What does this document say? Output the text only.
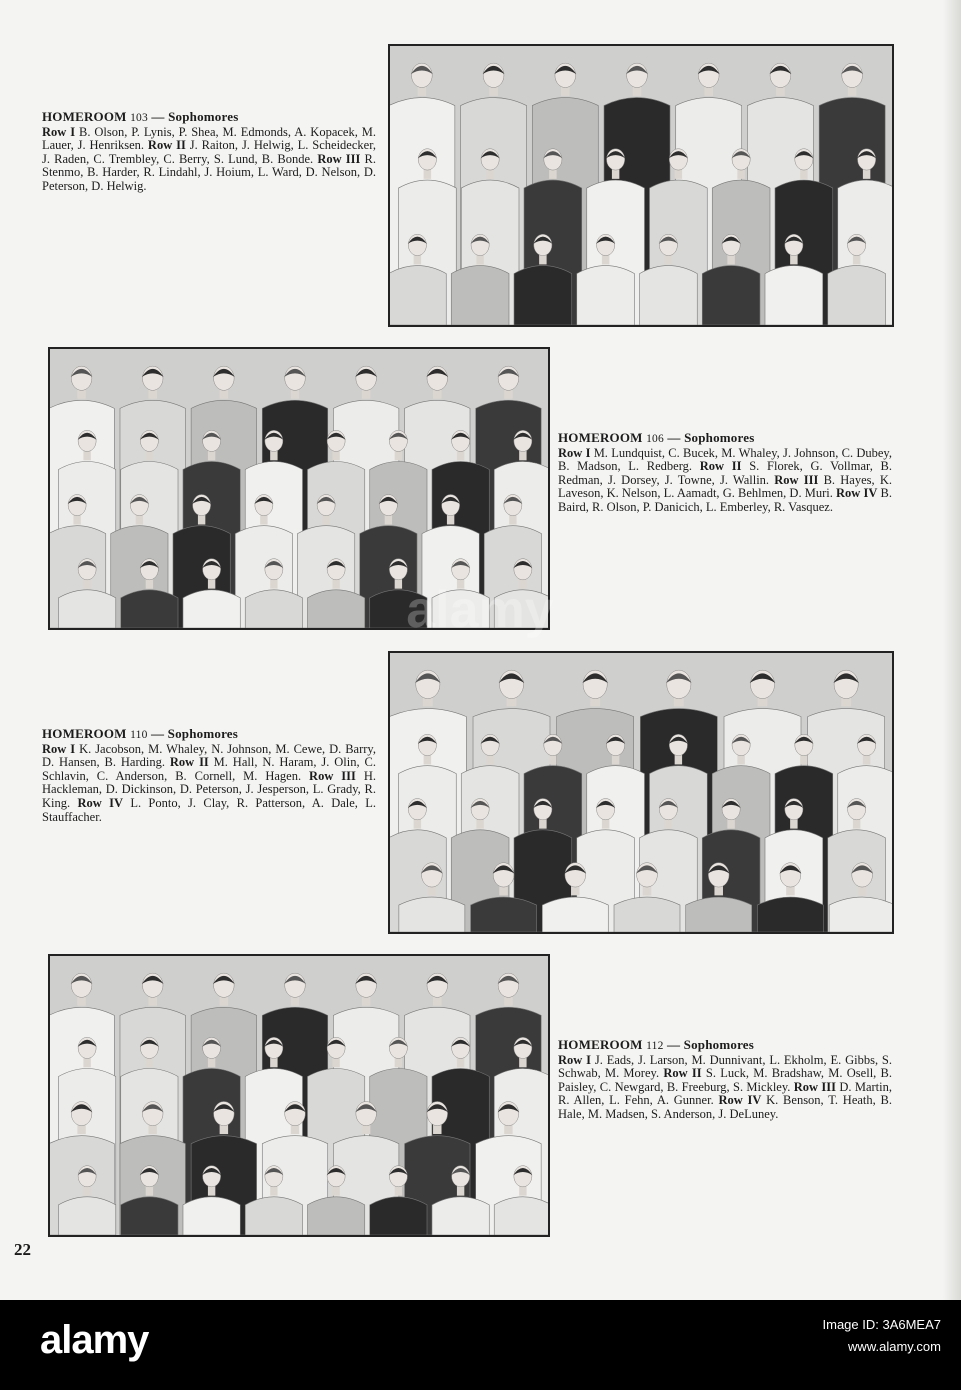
HOMEROOM 103 — Sophomores
Row I B. Olson, P. Lynis, P. Shea, M. Edmonds, A. Kopacek, M. Lauer, J. Henriksen. Row II J. Raiton, J. Helwig, L. Scheidecker, J. Raden, C. Trembley, C. Berry, S. Lund, B. Bonde. Row III R. Stenmo, B. Harder, R. Lindahl, J. Hoium, L. Ward, D. Nelson, D. Peterson, D. Helwig.
HOMEROOM 106 — Sophomores
Row I M. Lundquist, C. Bucek, M. Whaley, J. Johnson, C. Dubey, B. Madson, L. Redberg. Row II S. Florek, G. Vollmar, B. Redman, J. Dorsey, J. Towne, J. Wallin. Row III B. Hayes, K. Laveson, K. Nelson, L. Aamadt, G. Behlmen, D. Muri. Row IV B. Baird, R. Olson, P. Danicich, L. Emberley, R. Vasquez.
HOMEROOM 110 — Sophomores
Row I K. Jacobson, M. Whaley, N. Johnson, M. Cewe, D. Barry, D. Hansen, B. Harding. Row II M. Hall, N. Haram, J. Olin, C. Schlavin, C. Anderson, B. Cornell, M. Hagen. Row III H. Hackleman, D. Dickinson, D. Peterson, J. Jesperson, L. Grady, R. King. Row IV L. Ponto, J. Clay, R. Patterson, A. Dale, L. Stauffacher.
HOMEROOM 112 — Sophomores
Row I J. Eads, J. Larson, M. Dunnivant, L. Ekholm, E. Gibbs, S. Schwab, M. Morey. Row II S. Luck, M. Bradshaw, M. Osell, B. Paisley, C. Newgard, B. Freeburg, S. Mickley. Row III D. Martin, R. Allen, L. Fehn, A. Gunner. Row IV K. Benson, T. Heath, B. Hale, M. Madsen, S. Anderson, J. DeLuney.
22
alamy
alamy	Image ID: 3A6MEA7
www.alamy.com
